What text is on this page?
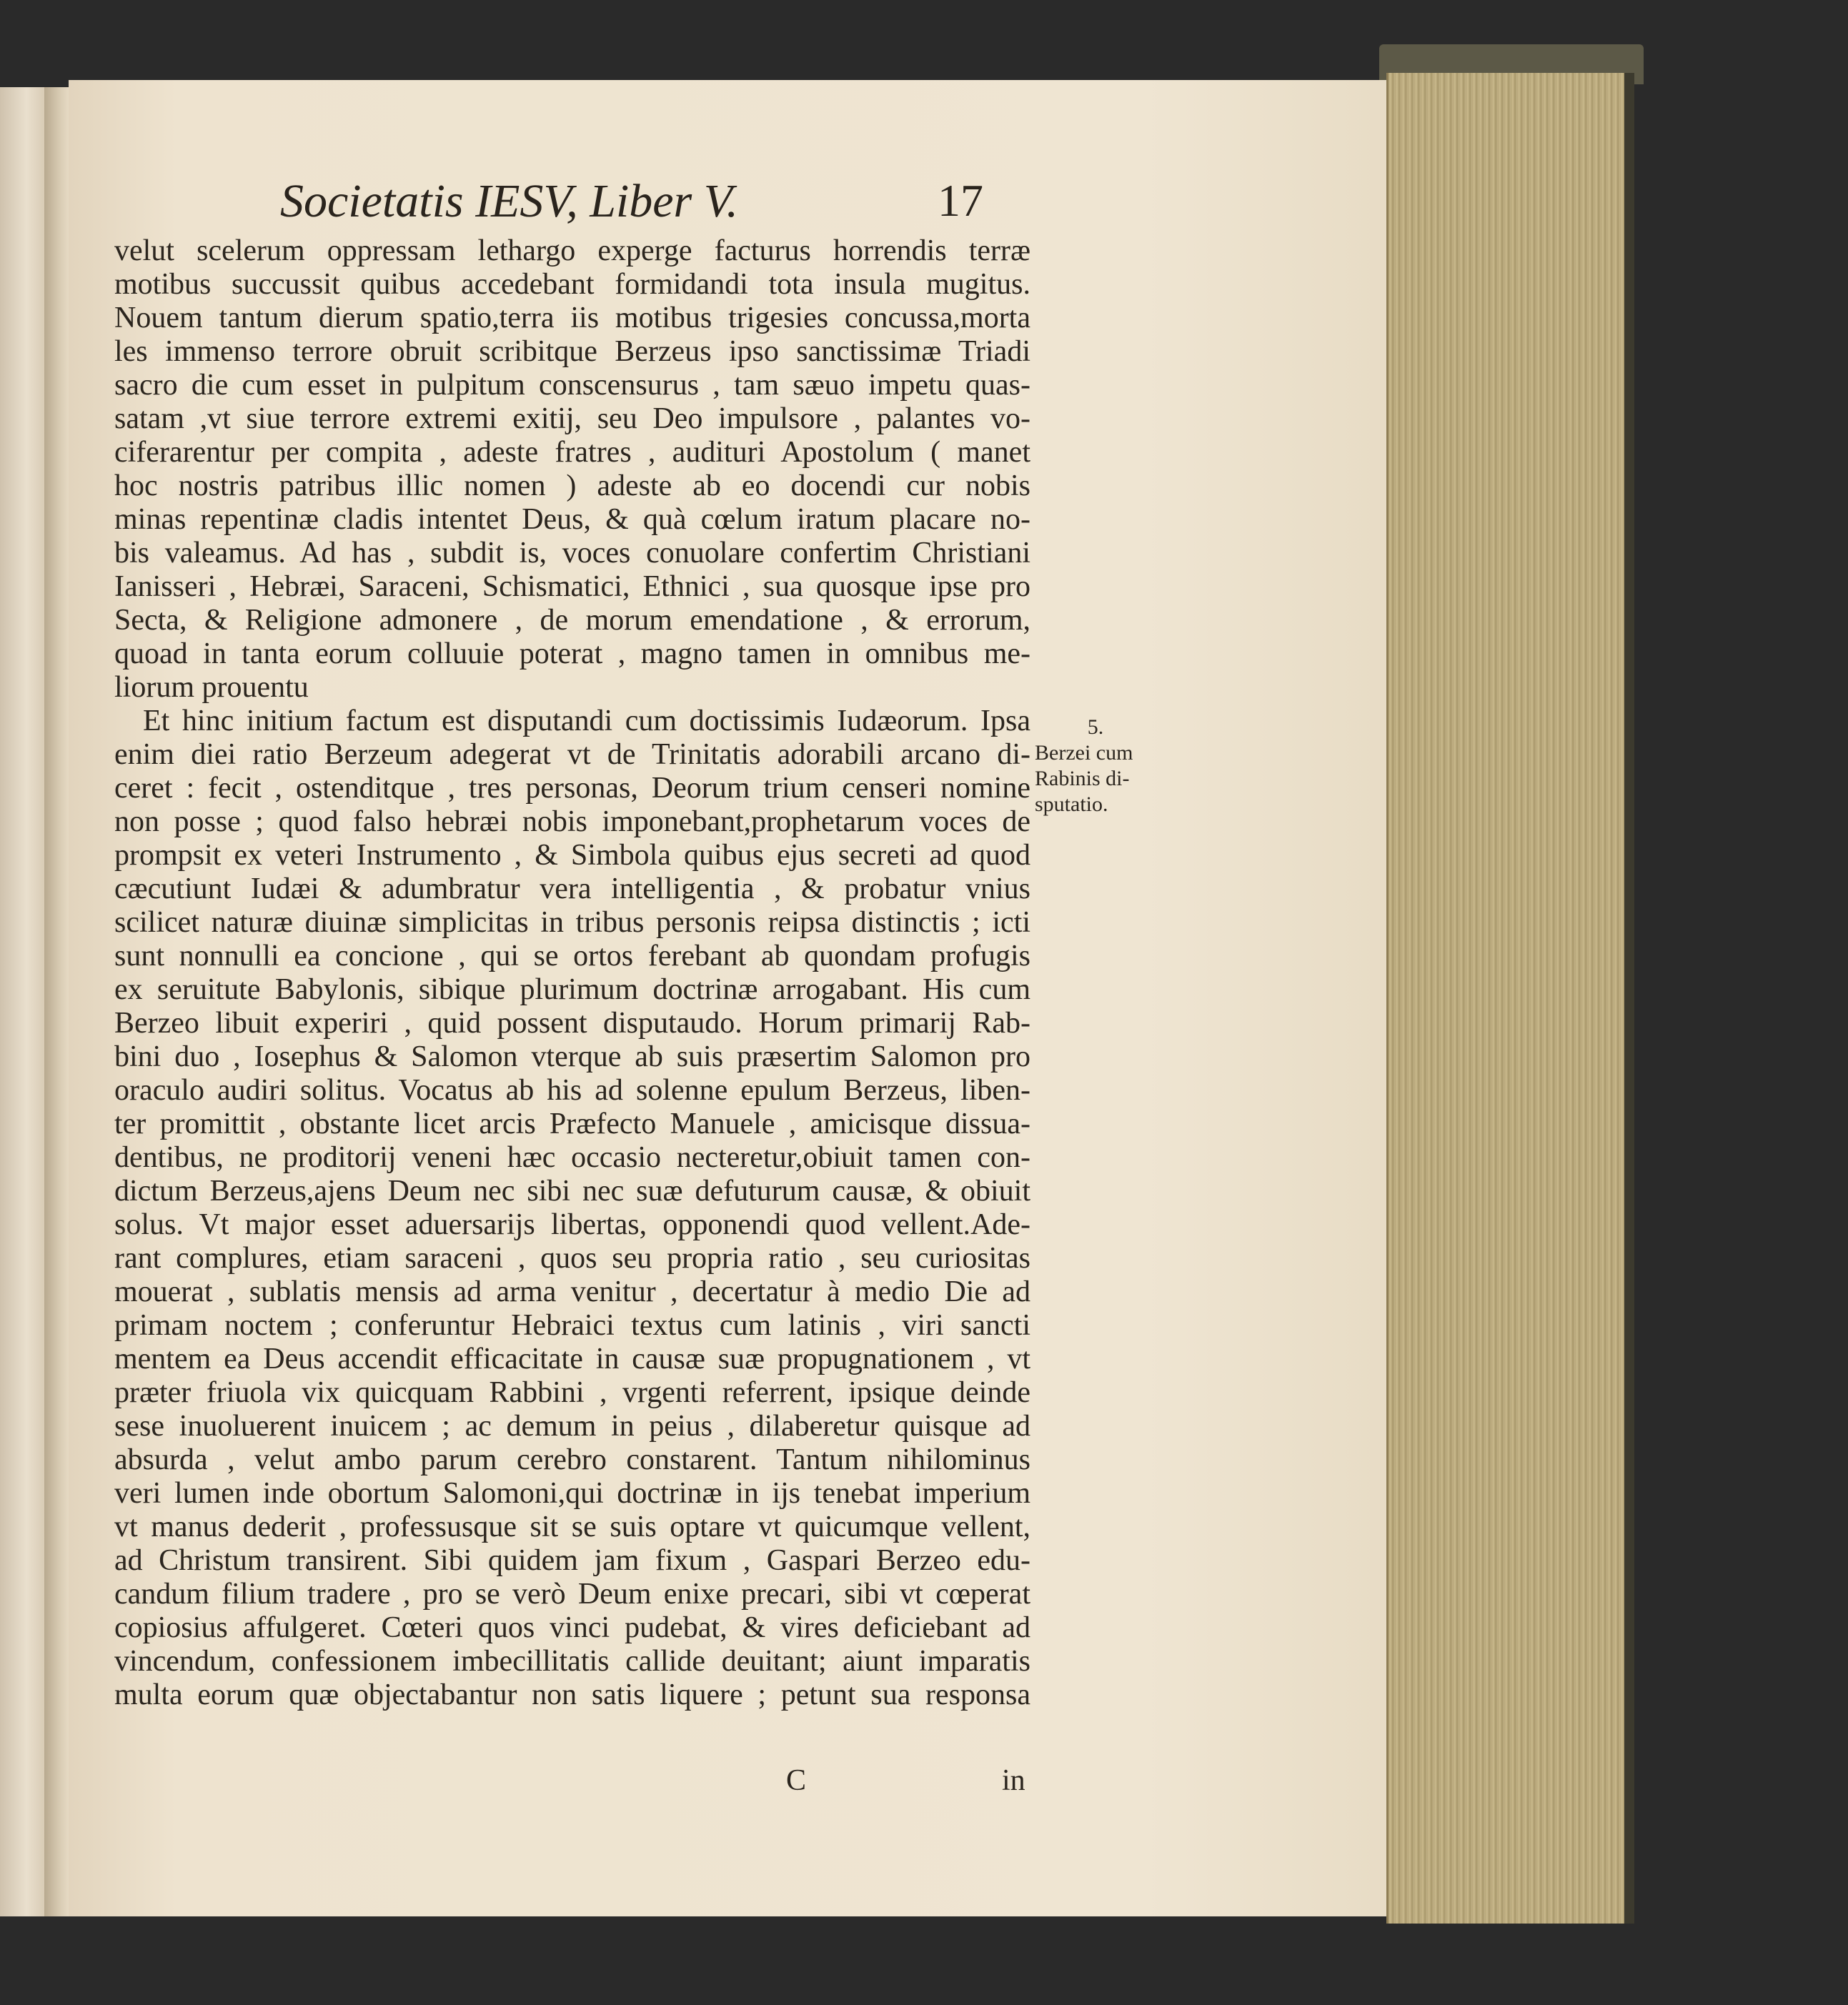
Societatis IESV, Liber V.	17
velut scelerum oppressam lethargo experge facturus horrendis terræ
motibus succussit quibus accedebant formidandi tota insula mugitus.
Nouem tantum dierum spatio,terra iis motibus trigesies concussa,morta
les immenso terrore obruit scribitque Berzeus ipso sanctissimæ Triadi
sacro die cum esset in pulpitum conscensurus , tam sæuo impetu quas-
satam ,vt siue terrore extremi exitij, seu Deo impulsore , palantes vo-
ciferarentur per compita , adeste fratres , audituri Apostolum ( manet
hoc nostris patribus illic nomen ) adeste ab eo docendi cur nobis
minas repentinæ cladis intentet Deus, & quà cœlum iratum placare no-
bis valeamus. Ad has , subdit is, voces conuolare confertim Christiani
Ianisseri , Hebræi, Saraceni, Schismatici, Ethnici , sua quosque ipse pro
Secta, & Religione admonere , de morum emendatione , & errorum,
quoad in tanta eorum colluuie poterat , magno tamen in omnibus me-
liorum prouentu
Et hinc initium factum est disputandi cum doctissimis Iudæorum. Ipsa
enim diei ratio Berzeum adegerat vt de Trinitatis adorabili arcano di-
ceret : fecit , ostenditque , tres personas, Deorum trium censeri nomine
non posse ; quod falso hebræi nobis imponebant,prophetarum voces de
prompsit ex veteri Instrumento , & Simbola quibus ejus secreti ad quod
cæcutiunt Iudæi & adumbratur vera intelligentia , & probatur vnius
scilicet naturæ diuinæ simplicitas in tribus personis reipsa distinctis ; icti
sunt nonnulli ea concione , qui se ortos ferebant ab quondam profugis
ex seruitute Babylonis, sibique plurimum doctrinæ arrogabant. His cum
Berzeo libuit experiri , quid possent disputaudo. Horum primarij Rab-
bini duo , Iosephus & Salomon vterque ab suis præsertim Salomon pro
oraculo audiri solitus. Vocatus ab his ad solenne epulum Berzeus, liben-
ter promittit , obstante licet arcis Præfecto Manuele , amicisque dissua-
dentibus, ne proditorij veneni hæc occasio necteretur,obiuit tamen con-
dictum Berzeus,ajens Deum nec sibi nec suæ defuturum causæ, & obiuit
solus. Vt major esset aduersarijs libertas, opponendi quod vellent.Ade-
rant complures, etiam saraceni , quos seu propria ratio , seu curiositas
mouerat , sublatis mensis ad arma venitur , decertatur à medio Die ad
primam noctem ; conferuntur Hebraici textus cum latinis , viri sancti
mentem ea Deus accendit efficacitate in causæ suæ propugnationem , vt
præter friuola vix quicquam Rabbini , vrgenti referrent, ipsique deinde
sese inuoluerent inuicem ; ac demum in peius , dilaberetur quisque ad
absurda , velut ambo parum cerebro constarent. Tantum nihilominus
veri lumen inde obortum Salomoni,qui doctrinæ in ijs tenebat imperium
vt manus dederit , professusque sit se suis optare vt quicumque vellent,
ad Christum transirent. Sibi quidem jam fixum , Gaspari Berzeo edu-
candum filium tradere , pro se verò Deum enixe precari, sibi vt cœperat
copiosius affulgeret. Cœteri quos vinci pudebat, & vires deficiebant ad
vincendum, confessionem imbecillitatis callide deuitant; aiunt imparatis
multa eorum quæ objectabantur non satis liquere ; petunt sua responsa
5.
Berzei cum
Rabinis di-
sputatio.
C	in
